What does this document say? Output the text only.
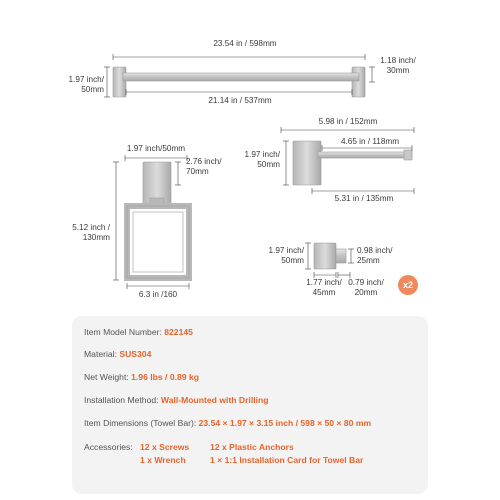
23.54 in / 598mm
1.97 inch/
50mm
1.18 inch/
30mm
21.14 in / 537mm
1.97 inch/50mm
2.76 inch/
70mm
5.12 inch /
130mm
6.3 in /160
5.98 in / 152mm
1.97 inch/
50mm
4.65 in / 118mm
5.31 in / 135mm
1.97 inch/
50mm
0.98 inch/
25mm
1.77 inch/
45mm
0.79 inch/
20mm
x2
Item Model Number: 822145
Material: SUS304
Net Weight: 1.96 lbs / 0.89 kg
Installation Method: Wall-Mounted with Drilling
Item Dimensions (Towel Bar): 23.54 × 1.97 × 3.15 inch / 598 × 50 × 80 mm
Accessories: 12 x Screws 12 x Plastic Anchors
1 x Wrench	1 × 1:1 Installation Card for Towel Bar
